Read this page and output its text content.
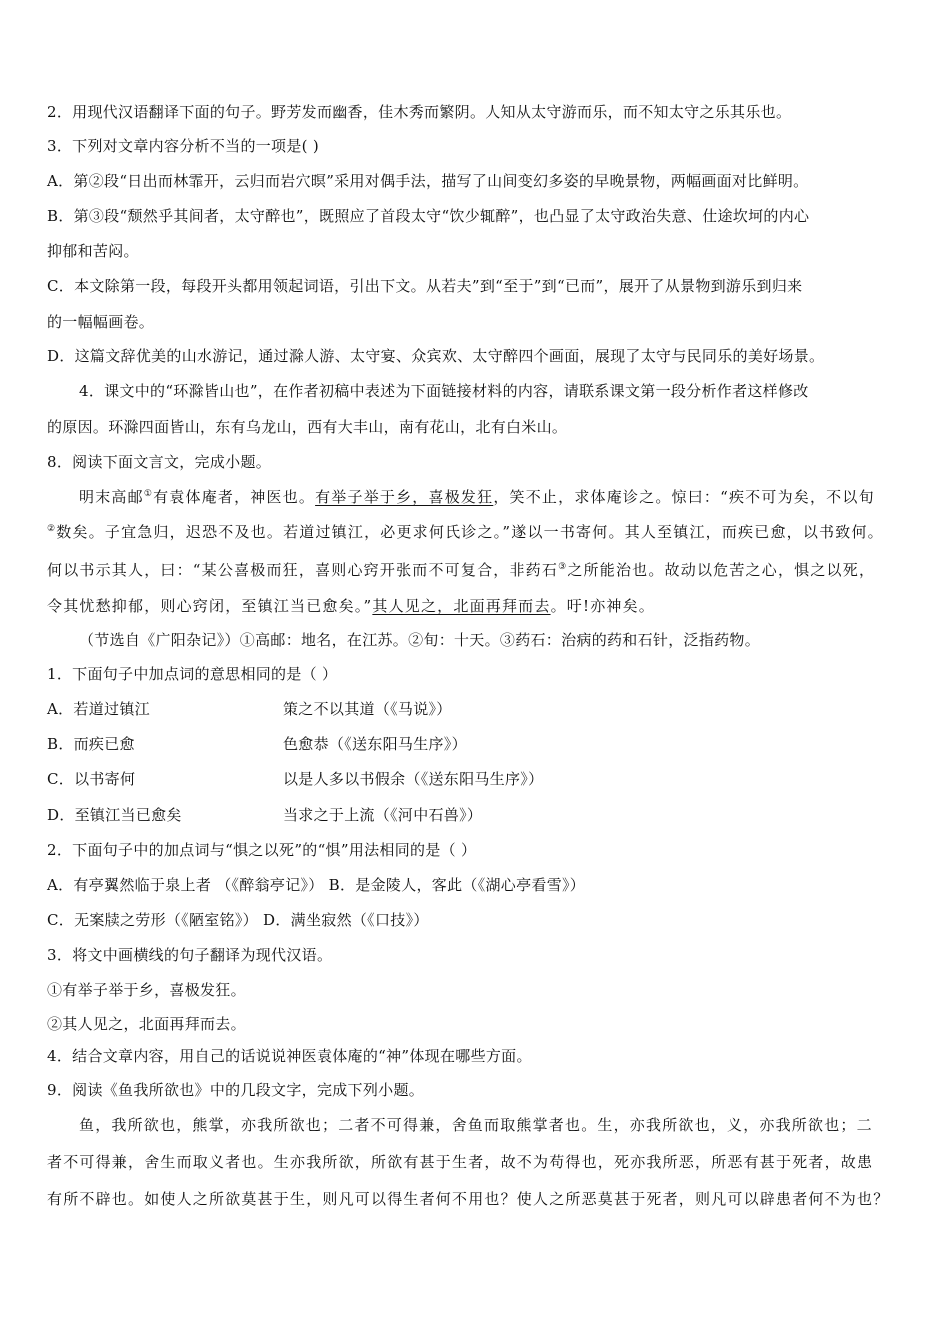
2．用现代汉语翻译下面的句子。野芳发而幽香，佳木秀而繁阴。人知从太守游而乐，而不知太守之乐其乐也。
3．下列对文章内容分析不当的一项是( )
A．第②段“日出而林霏开，云归而岩穴暝”采用对偶手法，描写了山间变幻多姿的早晚景物，两幅画面对比鲜明。
B．第③段“颓然乎其间者，太守醉也”，既照应了首段太守“饮少辄醉”，也凸显了太守政治失意、仕途坎坷的内心
抑郁和苦闷。
C．本文除第一段，每段开头都用领起词语，引出下文。从若夫”到“至于”到“已而”，展开了从景物到游乐到归来
的一幅幅画卷。
D．这篇文辞优美的山水游记，通过滁人游、太守宴、众宾欢、太守醉四个画面，展现了太守与民同乐的美好场景。
4．课文中的“环滁皆山也”，在作者初稿中表述为下面链接材料的内容，请联系课文第一段分析作者这样修改
的原因。环滁四面皆山，东有乌龙山，西有大丰山，南有花山，北有白米山。
8．阅读下面文言文，完成小题。
明末高邮①有袁体庵者，神医也。有举子举于乡，喜极发狂，笑不止，求体庵诊之。惊曰：“疾不可为矣，不以旬
②数矣。子宜急归，迟恐不及也。若道过镇江，必更求何氏诊之。”遂以一书寄何。其人至镇江，而疾已愈，以书致何。
何以书示其人，曰：“某公喜极而狂，喜则心窍开张而不可复合，非药石③之所能治也。故动以危苦之心，惧之以死，
令其忧愁抑郁，则心窍闭，至镇江当已愈矣。”其人见之，北面再拜而去。吁!亦神矣。
（节选自《广阳杂记》）①高邮：地名，在江苏。②旬：十天。③药石：治病的药和石针，泛指药物。
1．下面句子中加点词的意思相同的是（ ）
A．若道过镇江	策之不以其道（《马说》）
B．而疾已愈	色愈恭（《送东阳马生序》）
C．以书寄何	以是人多以书假余（《送东阳马生序》）
D．至镇江当已愈矣	当求之于上流（《河中石兽》）
2．下面句子中的加点词与“惧之以死”的“惧”用法相同的是（ ）
A．有亭翼然临于泉上者 （《醉翁亭记》） B．是金陵人，客此（《湖心亭看雪》）
C．无案牍之劳形（《陋室铭》） D．满坐寂然（《口技》）
3．将文中画横线的句子翻译为现代汉语。
①有举子举于乡，喜极发狂。
②其人见之，北面再拜而去。
4．结合文章内容，用自己的话说说神医袁体庵的“神”体现在哪些方面。
9．阅读《鱼我所欲也》中的几段文字，完成下列小题。
鱼，我所欲也，熊掌，亦我所欲也；二者不可得兼，舍鱼而取熊掌者也。生，亦我所欲也，义，亦我所欲也；二
者不可得兼，舍生而取义者也。生亦我所欲，所欲有甚于生者，故不为苟得也，死亦我所恶，所恶有甚于死者，故患
有所不辟也。如使人之所欲莫甚于生，则凡可以得生者何不用也？使人之所恶莫甚于死者，则凡可以辟患者何不为也？
